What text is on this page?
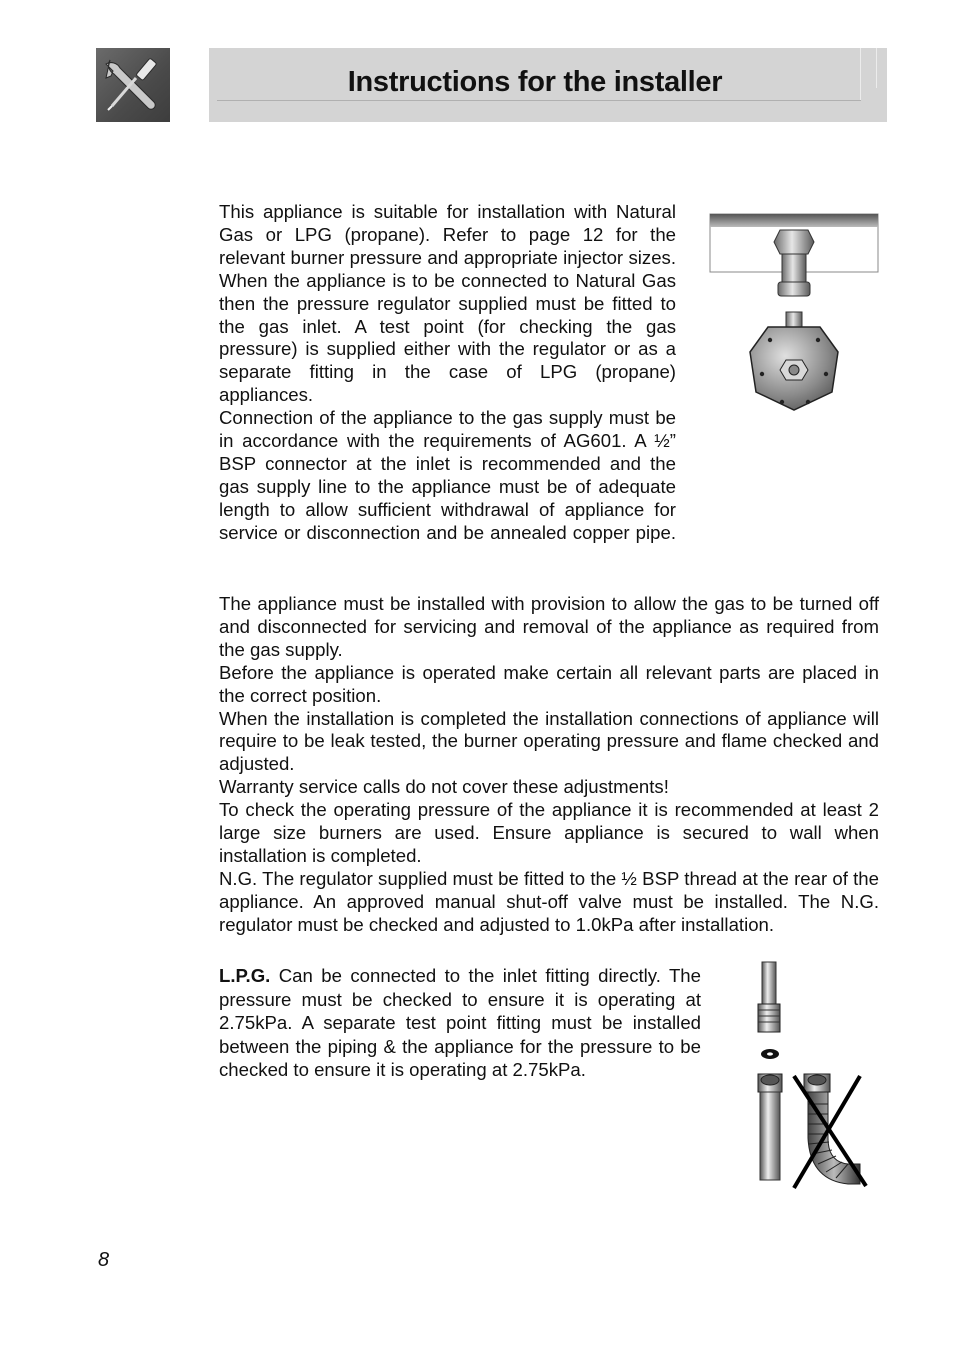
Instructions for the installer

This appliance is suitable for installation with Natural Gas or LPG (propane). Refer to page 12 for the relevant burner pressure and appropriate injector sizes. When the appliance is to be connected to Natural Gas then the pressure regulator supplied must be fitted to the gas inlet. A test point (for checking the gas pressure) is supplied either with the regulator or as a separate fitting in the case of LPG (propane) appliances.

Connection of the appliance to the gas supply must be in accordance with the requirements of AG601. A ½” BSP connector at the inlet is recommended and the gas supply line to the appliance must be of adequate length to allow sufficient withdrawal of appliance for service or disconnection and be annealed copper pipe.

The appliance must be installed with provision to allow the gas to be turned off and disconnected for servicing and removal of the appliance as required from the gas supply.

Before the appliance is operated make certain all relevant parts are placed in the correct position.

When the installation is completed the installation connections of appliance will require to be leak tested, the burner operating pressure and flame checked and adjusted.

Warranty service calls do not cover these adjustments!

To check the operating pressure of the appliance it is recommended at least 2 large size burners are used. Ensure appliance is secured to wall when installation is completed.

N.G. The regulator supplied must be fitted to the ½ BSP thread at the rear of the appliance. An approved manual shut-off valve must be installed. The N.G. regulator must be checked and adjusted to 1.0kPa after installation.

L.P.G. Can be connected to the inlet fitting directly. The pressure must be checked to ensure it is operating at 2.75kPa. A separate test point fitting must be installed between the piping & the appliance for the pressure to be checked to ensure it is operating at 2.75kPa.

8
